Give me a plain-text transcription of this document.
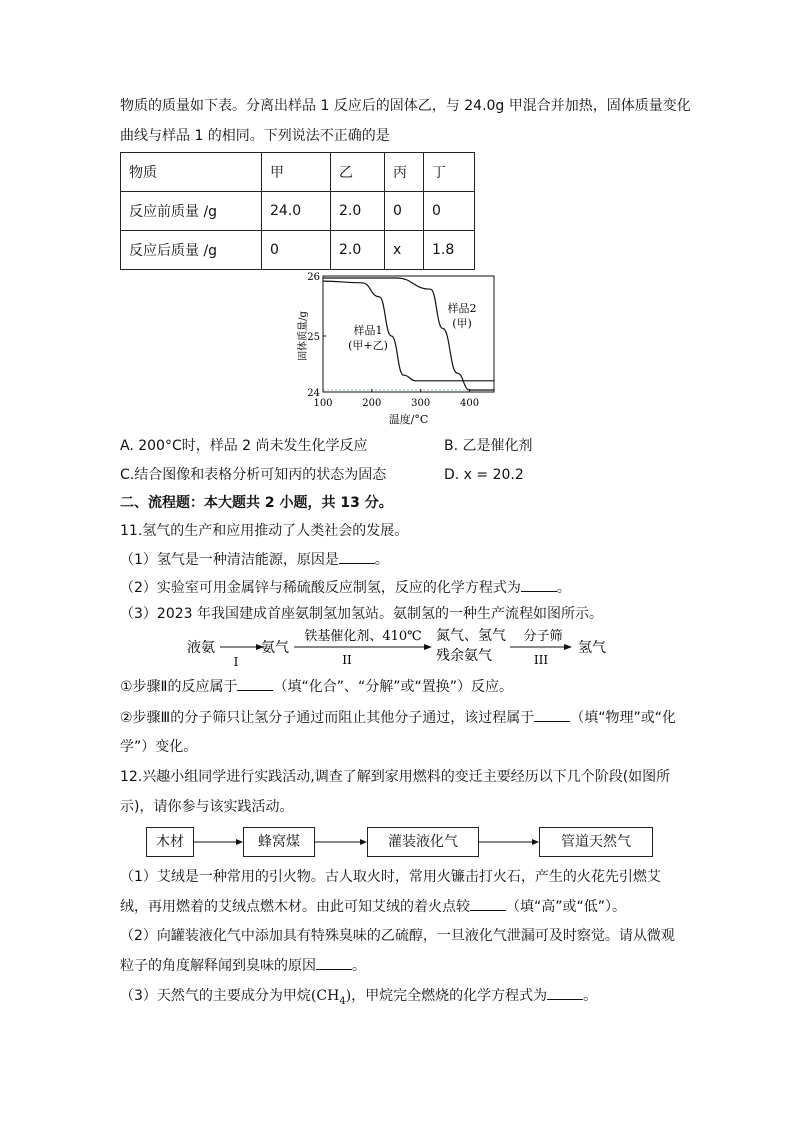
物质的质量如下表。分离出样品 1 反应后的固体乙，与 24.0g 甲混合并加热，固体质量变化
曲线与样品 1 的相同。下列说法不正确的是
物质	甲	乙	丙	丁
反应前质量 /g	24.0	2.0	0	0
反应后质量 /g	0	2.0	x	1.8
100	200	300	400
24
25
26
温度/°C
固体质量/g	样品1
(甲+乙)
样品2
(甲)
A. 200°C时，样品 2 尚未发生化学反应	B. 乙是催化剂
C.结合图像和表格分析可知丙的状态为固态	D. x = 20.2
二、流程题：本大题共 2 小题，共 13 分。
11.氢气的生产和应用推动了人类社会的发展。
（1）氢气是一种清洁能源，原因是	。
（2）实验室可用金属锌与稀硫酸反应制氢，反应的化学方程式为	。
（3）2023 年我国建成首座氨制氢加氢站。氨制氢的一种生产流程如图所示。
液氨
I
氨气
铁基催化剂、410℃
II
氮气、氢气
残余氨气
分子筛
III
氢气
①步骤Ⅱ的反应属于	（填“化合”、“分解”或“置换”）反应。
②步骤Ⅲ的分子筛只让氢分子通过而阻止其他分子通过，该过程属于	（填“物理”或“化
学”）变化。
12.兴趣小组同学进行实践活动,调查了解到家用燃料的变迁主要经历以下几个阶段(如图所
示)，请你参与该实践活动。
木材	蜂窝煤	灌装液化气	管道天然气
（1）艾绒是一种常用的引火物。古人取火时，常用火镰击打火石，产生的火花先引燃艾
绒，再用燃着的艾绒点燃木材。由此可知艾绒的着火点较	（填“高”或“低”）。
（2）向罐装液化气中添加具有特殊臭味的乙硫醇，一旦液化气泄漏可及时察觉。请从微观
粒子的角度解释闻到臭味的原因	。
（3）天然气的主要成分为甲烷$(CH_4)$，甲烷完全燃烧的化学方程式为	。
